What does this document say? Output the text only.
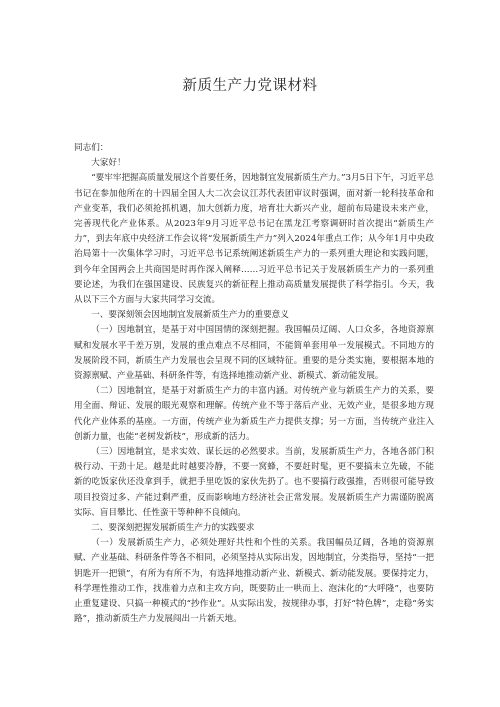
新质生产力党课材料

同志们：

大家好！

“要牢牢把握高质量发展这个首要任务，因地制宜发展新质生产力。”3月5日下午，习近平总书记在参加他所在的十四届全国人大二次会议江苏代表团审议时强调，面对新一轮科技革命和产业变革，我们必须抢抓机遇，加大创新力度，培育壮大新兴产业，超前布局建设未来产业，完善现代化产业体系。从2023年9月习近平总书记在黑龙江考察调研时首次提出“新质生产力”，到去年底中央经济工作会议将“发展新质生产力”列入2024年重点工作；从今年1月中央政治局第十一次集体学习时，习近平总书记系统阐述新质生产力的一系列重大理论和实践问题，到今年全国两会上共商国是时再作深入阐释……习近平总书记关于发展新质生产力的一系列重要论述，为我们在强国建设、民族复兴的新征程上推动高质量发展提供了科学指引。今天，我从以下三个方面与大家共同学习交流。

一、要深刻领会因地制宜发展新质生产力的重要意义

（一）因地制宜，是基于对中国国情的深刻把握。我国幅员辽阔、人口众多，各地资源禀赋和发展水平千差万别，发展的重点难点不尽相同，不能简单套用单一发展模式。不同地方的发展阶段不同，新质生产力发展也会呈现不同的区域特征。重要的是分类实施，要根据本地的资源禀赋、产业基础、科研条件等，有选择地推动新产业、新模式、新动能发展。

（二）因地制宜，是基于对新质生产力的丰富内涵。对传统产业与新质生产力的关系，要用全面、辩证、发展的眼光观察和理解。传统产业不等于落后产业、无效产业，是很多地方现代化产业体系的基座。一方面，传统产业为新质生产力提供支撑；另一方面，当传统产业注入创新力量，也能“老树发新枝”，形成新的活力。

（三）因地制宜，是求实效、谋长远的必然要求。当前，发展新质生产力，各地各部门积极行动、干劲十足。越是此时越要冷静，不要一窝蜂，不要赶时髦，更不要搞未立先破，不能新的吃饭家伙还没拿到手，就把手里吃饭的家伙先扔了。也不要搞行政强推，否则很可能导致项目投资过多、产能过剩严重，反而影响地方经济社会正常发展。发展新质生产力需谨防脱离实际、盲目攀比、任性蛮干等种种不良倾向。

二、要深刻把握发展新质生产力的实践要求

（一）发展新质生产力，必须处理好共性和个性的关系。我国幅员辽阔，各地的资源禀赋、产业基础、科研条件等各不相同，必须坚持从实际出发，因地制宜，分类指导，坚持“一把钥匙开一把锁”，有所为有所不为，有选择地推动新产业、新模式、新动能发展。要保持定力，科学理性推动工作，找准着力点和主攻方向，既要防止一哄而上、泡沫化的“大呼隆”，也要防止重复建设、只搞一种模式的“抄作业”。从实际出发，按规律办事，打好“特色牌”，走稳“务实路”，推动新质生产力发展闯出一片新天地。
